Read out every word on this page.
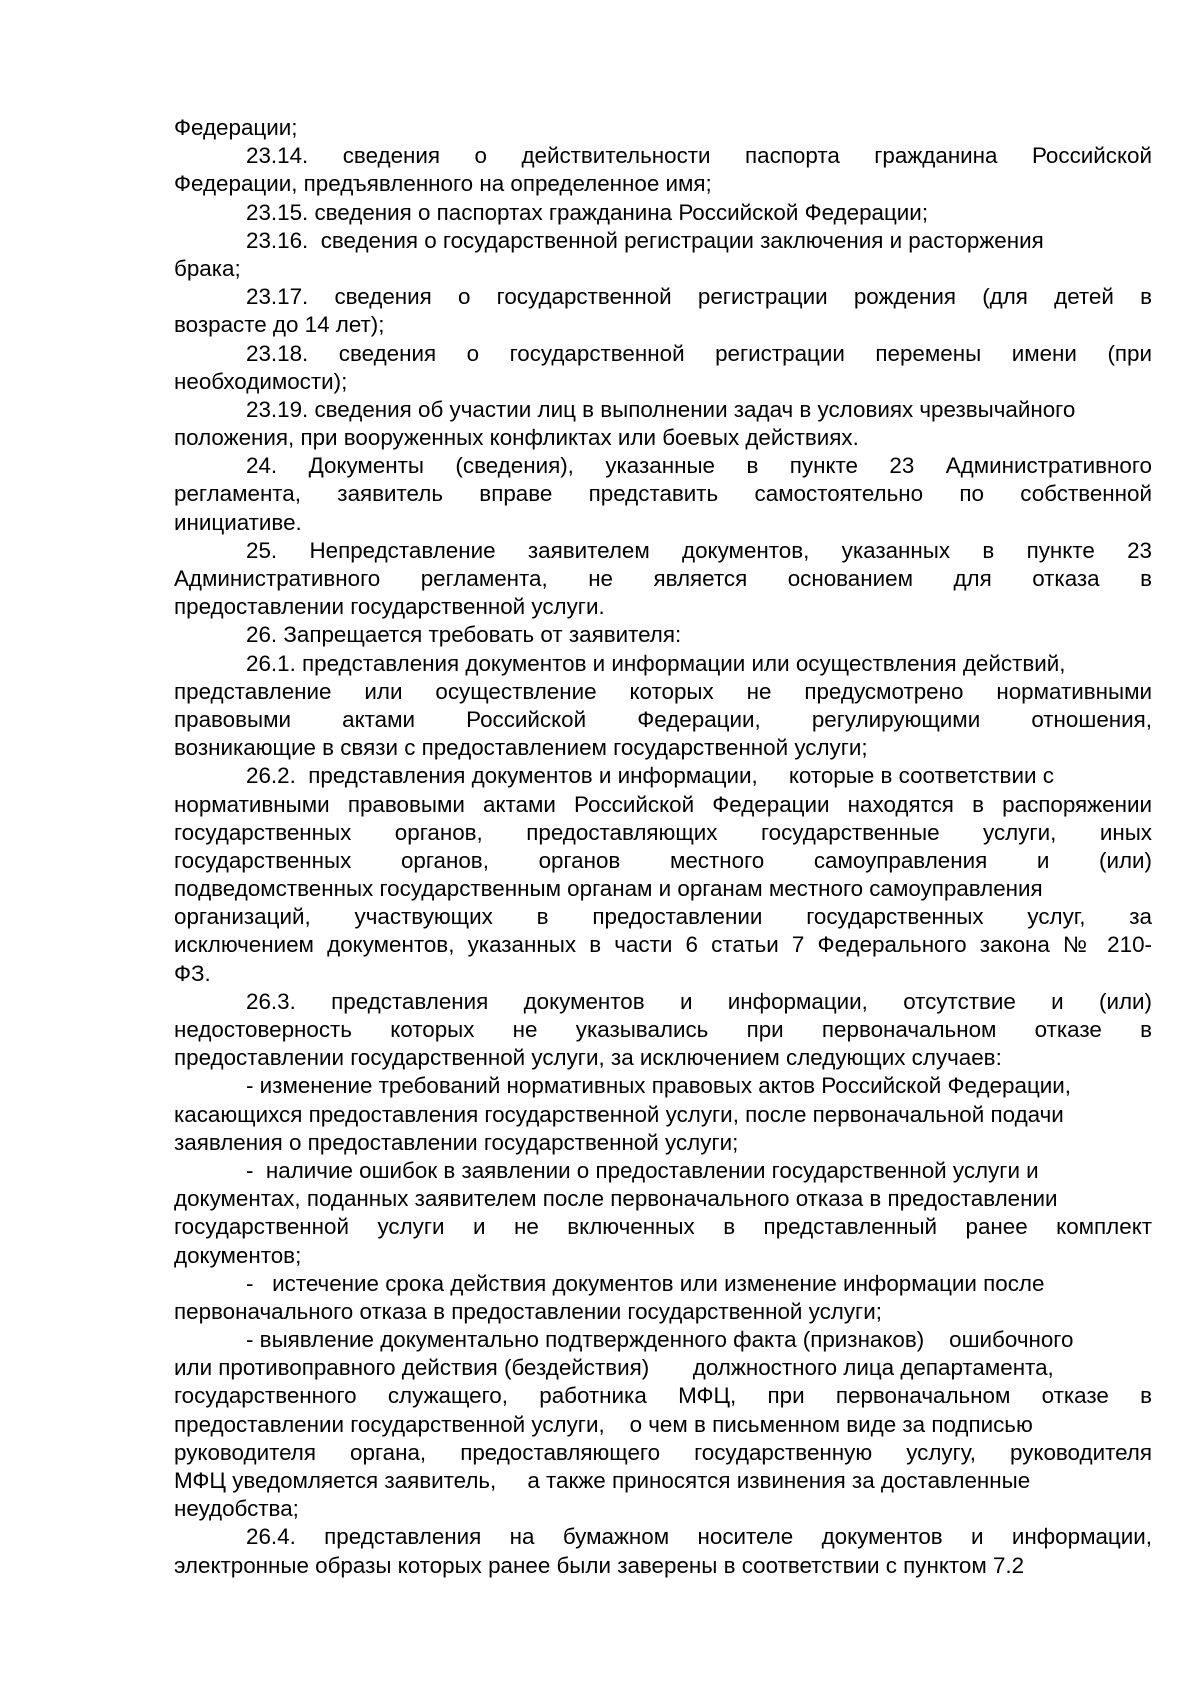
Федерации;
23.14. сведения о действительности паспорта гражданина Российской
Федерации, предъявленного на определенное имя;
23.15. сведения о паспортах гражданина Российской Федерации;
23.16.  сведения о государственной регистрации заключения и расторжения
брака;
23.17. сведения о государственной регистрации рождения (для детей в
возрасте до 14 лет);
23.18. сведения о государственной регистрации перемены имени (при
необходимости);
23.19. сведения об участии лиц в выполнении задач в условиях чрезвычайного
положения, при вооруженных конфликтах или боевых действиях.
24. Документы (сведения), указанные в пункте 23 Административного
регламента, заявитель вправе представить самостоятельно по собственной
инициативе.
25. Непредставление заявителем документов, указанных в пункте 23
Административного регламента, не является основанием для отказа в
предоставлении государственной услуги.
26. Запрещается требовать от заявителя:
26.1. представления документов и информации или осуществления действий,
представление или осуществление которых не предусмотрено нормативными
правовыми актами Российской Федерации, регулирующими отношения,
возникающие в связи с предоставлением государственной услуги;
26.2.  представления документов и информации,     которые в соответствии с
нормативными правовыми актами Российской Федерации находятся в распоряжении
государственных органов, предоставляющих государственные услуги, иных
государственных органов, органов местного самоуправления и (или)
подведомственных государственным органам и органам местного самоуправления
организаций, участвующих в предоставлении государственных услуг, за
исключением документов, указанных в части 6 статьи 7 Федерального закона № 210-
ФЗ.
26.3. представления документов и информации, отсутствие и (или)
недостоверность которых не указывались при первоначальном отказе в
предоставлении государственной услуги, за исключением следующих случаев:
- изменение требований нормативных правовых актов Российской Федерации,
касающихся предоставления государственной услуги, после первоначальной подачи
заявления о предоставлении государственной услуги;
-  наличие ошибок в заявлении о предоставлении государственной услуги и
документах, поданных заявителем после первоначального отказа в предоставлении
государственной услуги и не включенных в представленный ранее комплект
документов;
-   истечение срока действия документов или изменение информации после
первоначального отказа в предоставлении государственной услуги;
- выявление документально подтвержденного факта (признаков)    ошибочного
или противоправного действия (бездействия)       должностного лица департамента,
государственного служащего, работника МФЦ, при первоначальном отказе в
предоставлении государственной услуги,    о чем в письменном виде за подписью
руководителя органа, предоставляющего государственную услугу, руководителя
МФЦ уведомляется заявитель,     а также приносятся извинения за доставленные
неудобства;
26.4. представления на бумажном носителе документов и информации,
электронные образы которых ранее были заверены в соответствии с пунктом 7.2
